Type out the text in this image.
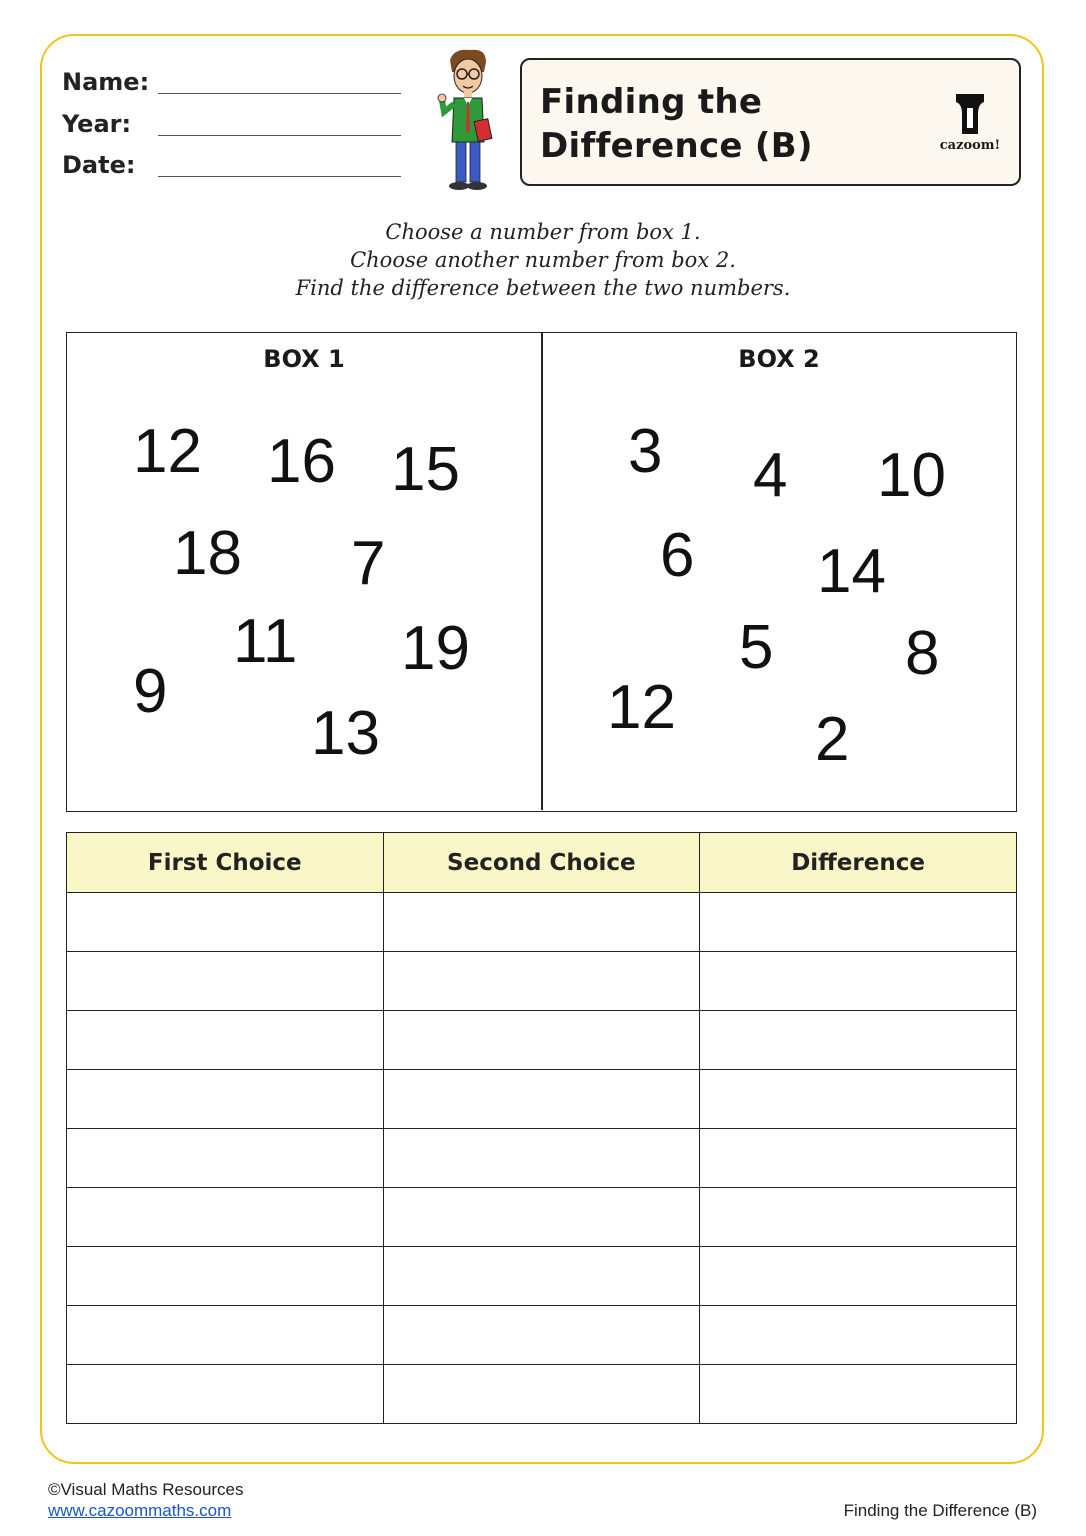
Name:
Year:
Date:
Finding the
Difference (B)	cazoom!
Choose a number from box 1.
Choose another number from box 2.
Find the difference between the two numbers.
BOX 1
12 16 15
18 7
11 19
9
13
BOX 2
3 4 10
6 14
5 8
12 2
First Choice	Second Choice	Difference

©Visual Maths Resources
www.cazoommaths.com	Finding the Difference (B)
